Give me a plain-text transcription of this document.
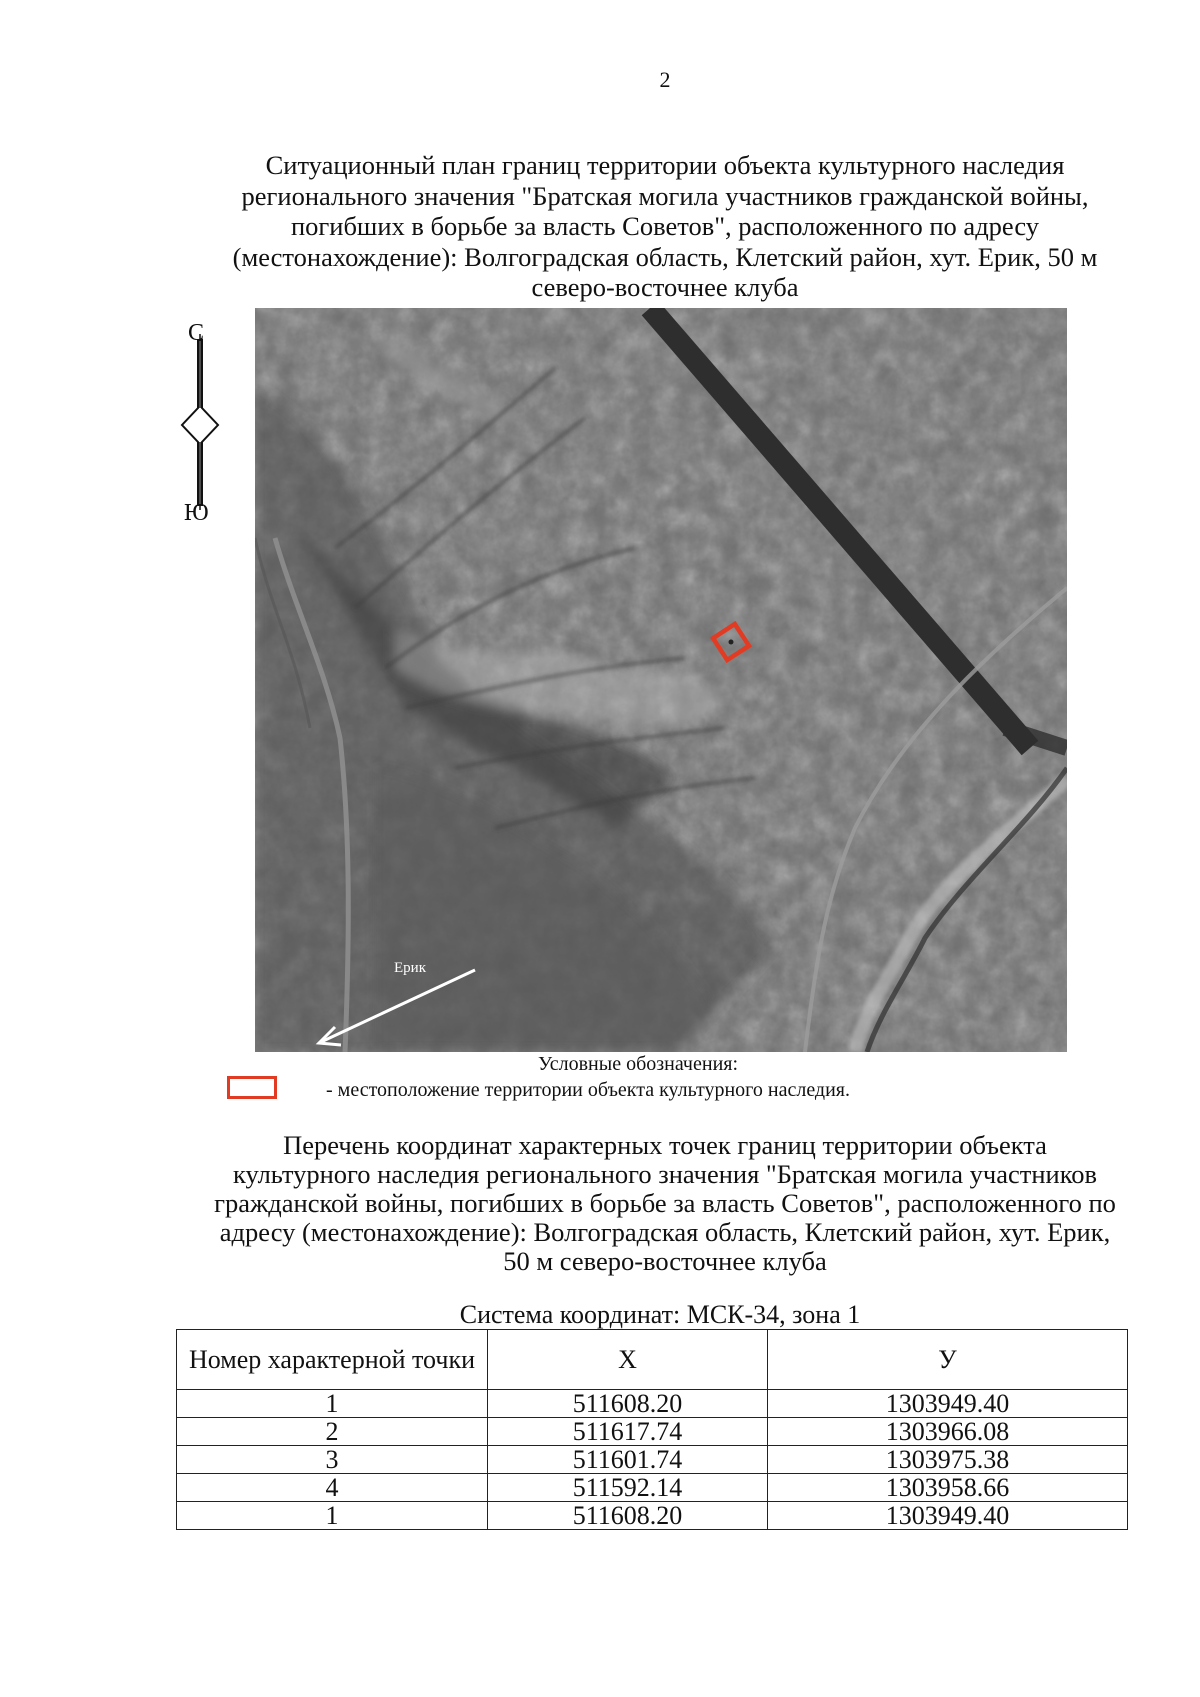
2
Ситуационный план границ территории объекта культурного наследия
регионального значения "Братская могила участников гражданской войны,
погибших в борьбе за власть Советов", расположенного по адресу
(местонахождение): Волгоградская область, Клетский район, хут. Ерик, 50 м
северо-восточнее клуба
С
Ю
Ерик
Условные обозначения:
- местоположение территории объекта культурного наследия.
Перечень координат характерных точек границ территории объекта
культурного наследия регионального значения "Братская могила участников
гражданской войны, погибших в борьбе за власть Советов", расположенного по
адресу (местонахождение): Волгоградская область, Клетский район, хут. Ерик,
50 м северо-восточнее клуба
Система координат: МСК-34, зона 1
Номер характерной точки	X	У
1	511608.20	1303949.40
2	511617.74	1303966.08
3	511601.74	1303975.38
4	511592.14	1303958.66
1	511608.20	1303949.40
